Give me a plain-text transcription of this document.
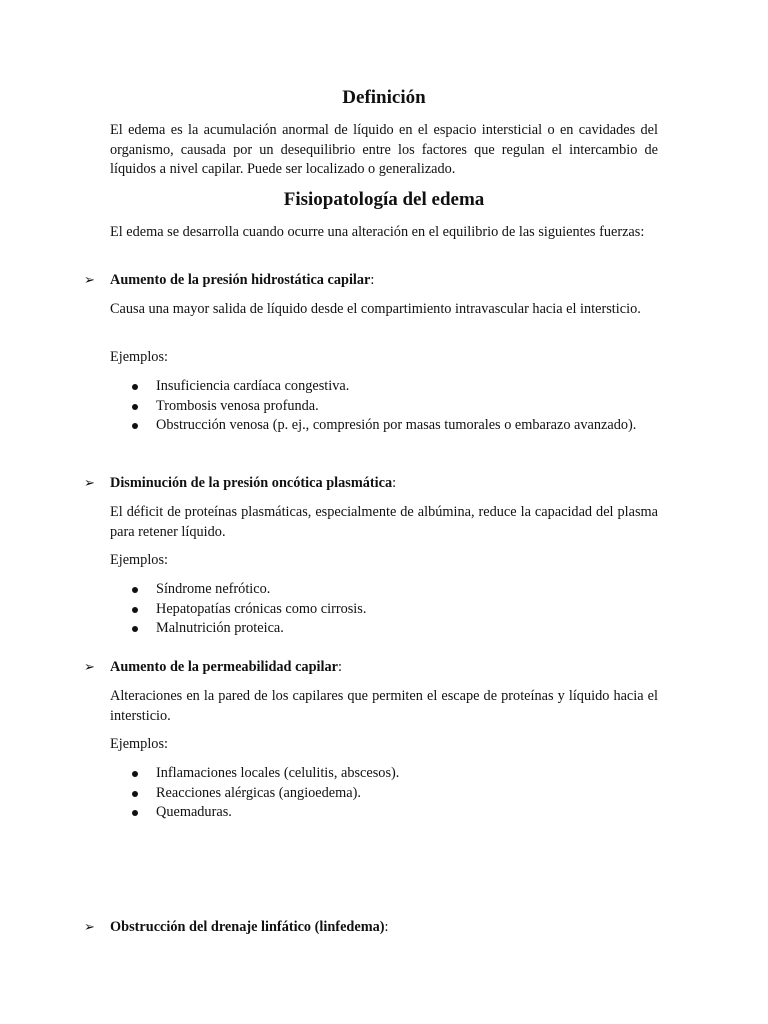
Definición

El edema es la acumulación anormal de líquido en el espacio intersticial o en cavidades del organismo, causada por un desequilibrio entre los factores que regulan el intercambio de líquidos a nivel capilar. Puede ser localizado o generalizado.

Fisiopatología del edema

El edema se desarrolla cuando ocurre una alteración en el equilibrio de las siguientes fuerzas:

➢ Aumento de la presión hidrostática capilar:

Causa una mayor salida de líquido desde el compartimiento intravascular hacia el intersticio.

Ejemplos:

Insuficiencia cardíaca congestiva.
Trombosis venosa profunda.
Obstrucción venosa (p. ej., compresión por masas tumorales o embarazo avanzado).
➢ Disminución de la presión oncótica plasmática:

El déficit de proteínas plasmáticas, especialmente de albúmina, reduce la capacidad del plasma para retener líquido.

Ejemplos:

Síndrome nefrótico.
Hepatopatías crónicas como cirrosis.
Malnutrición proteica.
➢ Aumento de la permeabilidad capilar:

Alteraciones en la pared de los capilares que permiten el escape de proteínas y líquido hacia el intersticio.

Ejemplos:

Inflamaciones locales (celulitis, abscesos).
Reacciones alérgicas (angioedema).
Quemaduras.
➢ Obstrucción del drenaje linfático (linfedema):
